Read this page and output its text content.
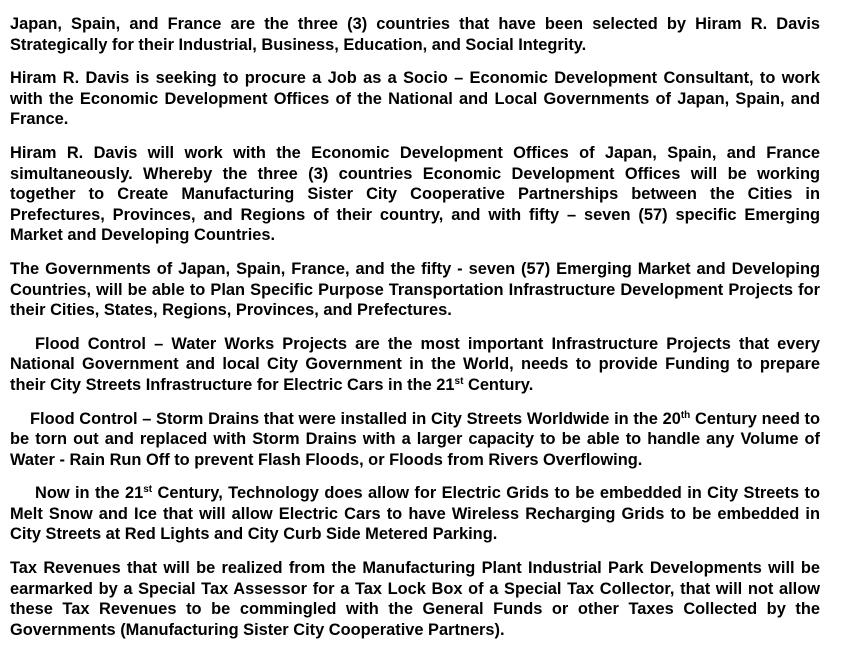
Japan, Spain, and France are the three (3) countries that have been selected by Hiram R. Davis Strategically for their Industrial, Business, Education, and Social Integrity.

Hiram R. Davis is seeking to procure a Job as a Socio – Economic Development Consultant, to work with the Economic Development Offices of the National and Local Governments of Japan, Spain, and France.

Hiram R. Davis will work with the Economic Development Offices of Japan, Spain, and France simultaneously. Whereby the three (3) countries Economic Development Offices will be working together to Create Manufacturing Sister City Cooperative Partnerships between the Cities in Prefectures, Provinces, and Regions of their country, and with fifty – seven (57) specific Emerging Market and Developing Countries.

The Governments of Japan, Spain, France, and the fifty - seven (57) Emerging Market and Developing Countries, will be able to Plan Specific Purpose Transportation Infrastructure Development Projects for their Cities, States, Regions, Provinces, and Prefectures.

Flood Control – Water Works Projects are the most important Infrastructure Projects that every National Government and local City Government in the World, needs to provide Funding to prepare their City Streets Infrastructure for Electric Cars in the 21st Century.

Flood Control – Storm Drains that were installed in City Streets Worldwide in the 20th Century need to be torn out and replaced with Storm Drains with a larger capacity to be able to handle any Volume of Water - Rain Run Off to prevent Flash Floods, or Floods from Rivers Overflowing.

Now in the 21st Century, Technology does allow for Electric Grids to be embedded in City Streets to Melt Snow and Ice that will allow Electric Cars to have Wireless Recharging Grids to be embedded in City Streets at Red Lights and City Curb Side Metered Parking.

Tax Revenues that will be realized from the Manufacturing Plant Industrial Park Developments will be earmarked by a Special Tax Assessor for a Tax Lock Box of a Special Tax Collector, that will not allow these Tax Revenues to be commingled with the General Funds or other Taxes Collected by the Governments (Manufacturing Sister City Cooperative Partners).
